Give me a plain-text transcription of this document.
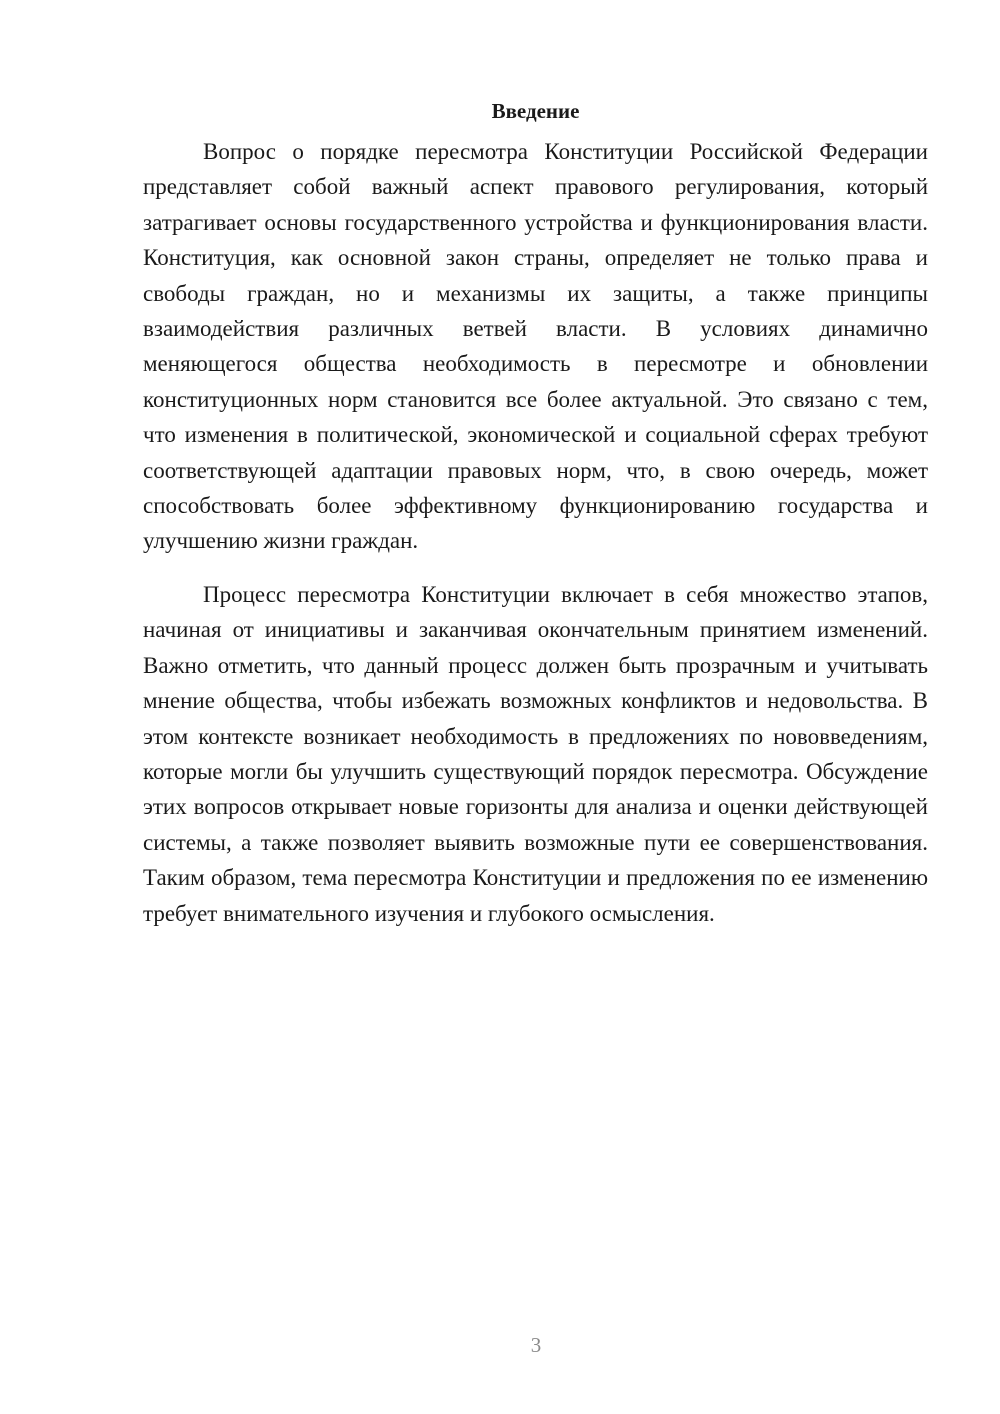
Введение

Вопрос о порядке пересмотра Конституции Российской Федерации представляет собой важный аспект правового регулирования, который затрагивает основы государственного устройства и функционирования власти. Конституция, как основной закон страны, определяет не только права и свободы граждан, но и механизмы их защиты, а также принципы взаимодействия различных ветвей власти. В условиях динамично меняющегося общества необходимость в пересмотре и обновлении конституционных норм становится все более актуальной. Это связано с тем, что изменения в политической, экономической и социальной сферах требуют соответствующей адаптации правовых норм, что, в свою очередь, может способствовать более эффективному функционированию государства и улучшению жизни граждан.

Процесс пересмотра Конституции включает в себя множество этапов, начиная от инициативы и заканчивая окончательным принятием изменений. Важно отметить, что данный процесс должен быть прозрачным и учитывать мнение общества, чтобы избежать возможных конфликтов и недовольства. В этом контексте возникает необходимость в предложениях по нововведениям, которые могли бы улучшить существующий порядок пересмотра. Обсуждение этих вопросов открывает новые горизонты для анализа и оценки действующей системы, а также позволяет выявить возможные пути ее совершенствования. Таким образом, тема пересмотра Конституции и предложения по ее изменению требует внимательного изучения и глубокого осмысления.

3
